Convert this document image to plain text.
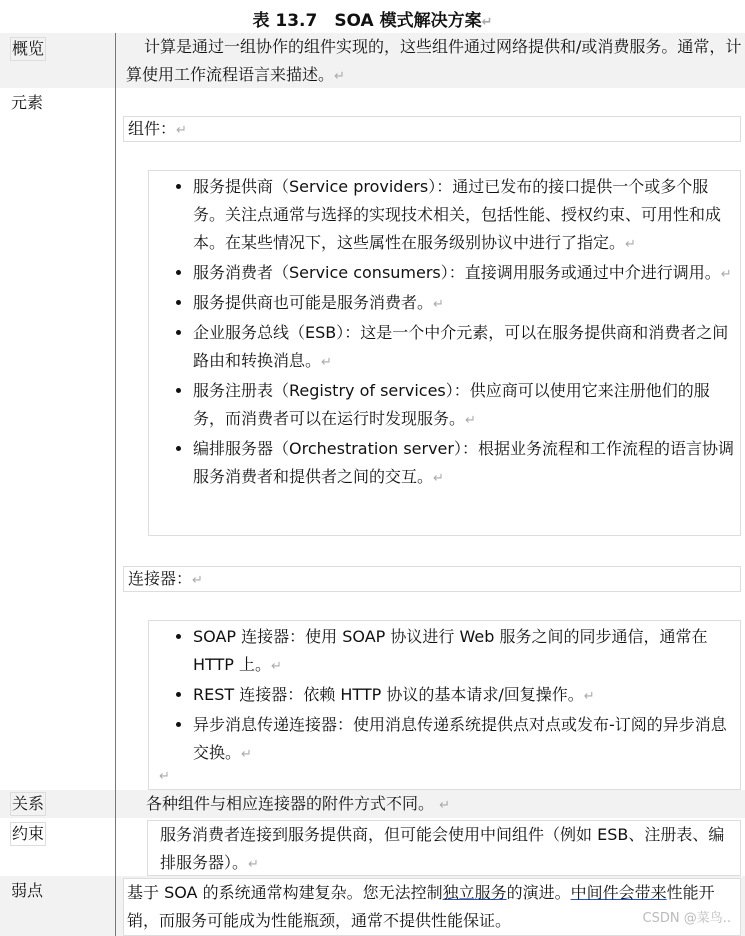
表 13.7　SOA 模式解决方案↵
概览	计算是通过一组协作的组件实现的，这些组件通过网络提供和/或消费服务。通常，计算使用工作流程语言来描述。↵
元素
组件：↵
• 服务提供商（Service providers）：通过已发布的接口提供一个或多个服务。关注点通常与选择的实现技术相关，包括性能、授权约束、可用性和成本。在某些情况下，这些属性在服务级别协议中进行了指定。↵
• 服务消费者（Service consumers）：直接调用服务或通过中介进行调用。↵
• 服务提供商也可能是服务消费者。↵
• 企业服务总线（ESB）：这是一个中介元素，可以在服务提供商和消费者之间路由和转换消息。↵
• 服务注册表（Registry of services）：供应商可以使用它来注册他们的服务，而消费者可以在运行时发现服务。↵
• 编排服务器（Orchestration server）：根据业务流程和工作流程的语言协调服务消费者和提供者之间的交互。↵
连接器：↵
• SOAP 连接器：使用 SOAP 协议进行 Web 服务之间的同步通信，通常在 HTTP 上。↵
• REST 连接器：依赖 HTTP 协议的基本请求/回复操作。↵
• 异步消息传递连接器：使用消息传递系统提供点对点或发布-订阅的异步消息交换。↵
↵
关系	各种组件与相应连接器的附件方式不同。 ↵
约束	服务消费者连接到服务提供商，但可能会使用中间组件（例如 ESB、注册表、编排服务器）。↵
弱点	基于 SOA 的系统通常构建复杂。您无法控制独立服务的演进。中间件会带来性能开销，而服务可能成为性能瓶颈，通常不提供性能保证。	CSDN @菜鸟..
